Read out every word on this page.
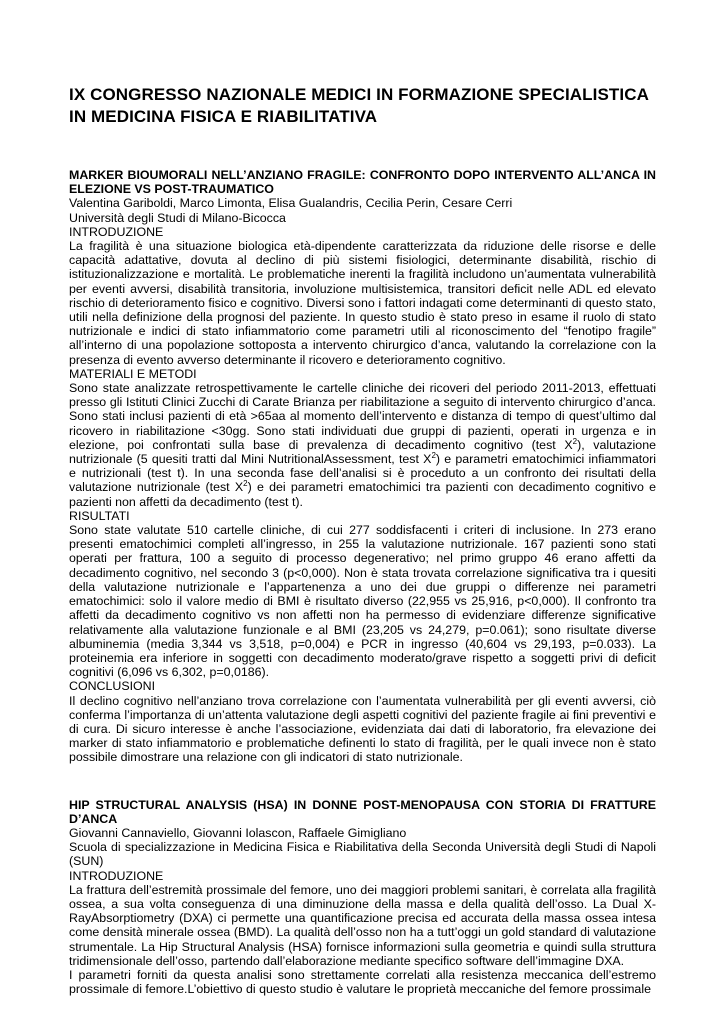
IX CONGRESSO NAZIONALE MEDICI IN FORMAZIONE SPECIALISTICA IN MEDICINA FISICA E RIABILITATIVA

MARKER BIOUMORALI NELL’ANZIANO FRAGILE: CONFRONTO DOPO INTERVENTO ALL’ANCA IN ELEZIONE VS POST-TRAUMATICO

Valentina Gariboldi, Marco Limonta, Elisa Gualandris, Cecilia Perin, Cesare Cerri

Università degli Studi di Milano-Bicocca

INTRODUZIONE

La fragilità è una situazione biologica età-dipendente caratterizzata da riduzione delle risorse e delle capacità adattative, dovuta al declino di più sistemi fisiologici, determinante disabilità, rischio di istituzionalizzazione e mortalità. Le problematiche inerenti la fragilità includono un’aumentata vulnerabilità per eventi avversi, disabilità transitoria, involuzione multisistemica, transitori deficit nelle ADL ed elevato rischio di deterioramento fisico e cognitivo. Diversi sono i fattori indagati come determinanti di questo stato, utili nella definizione della prognosi del paziente. In questo studio è stato preso in esame il ruolo di stato nutrizionale e indici di stato infiammatorio come parametri utili al riconoscimento del “fenotipo fragile” all’interno di una popolazione sottoposta a intervento chirurgico d’anca, valutando la correlazione con la presenza di evento avverso determinante il ricovero e deterioramento cognitivo.

MATERIALI E METODI

Sono state analizzate retrospettivamente le cartelle cliniche dei ricoveri del periodo 2011-2013, effettuati presso gli Istituti Clinici Zucchi di Carate Brianza per riabilitazione a seguito di intervento chirurgico d’anca. Sono stati inclusi pazienti di età >65aa al momento dell’intervento e distanza di tempo di quest’ultimo dal ricovero in riabilitazione <30gg. Sono stati individuati due gruppi di pazienti, operati in urgenza e in elezione, poi confrontati sulla base di prevalenza di decadimento cognitivo (test $X^2$), valutazione nutrizionale (5 quesiti tratti dal Mini NutritionalAssessment, test $X^2$) e parametri ematochimici infiammatori e nutrizionali (test t). In una seconda fase dell’analisi si è proceduto a un confronto dei risultati della valutazione nutrizionale (test $X^2$) e dei parametri ematochimici tra pazienti con decadimento cognitivo e pazienti non affetti da decadimento (test t).

RISULTATI

Sono state valutate 510 cartelle cliniche, di cui 277 soddisfacenti i criteri di inclusione. In 273 erano presenti ematochimici completi all’ingresso, in 255 la valutazione nutrizionale. 167 pazienti sono stati operati per frattura, 100 a seguito di processo degenerativo; nel primo gruppo 46 erano affetti da decadimento cognitivo, nel secondo 3 (p<0,000). Non è stata trovata correlazione significativa tra i quesiti della valutazione nutrizionale e l’appartenenza a uno dei due gruppi o differenze nei parametri ematochimici: solo il valore medio di BMI è risultato diverso (22,955 vs 25,916, p<0,000). Il confronto tra affetti da decadimento cognitivo vs non affetti non ha permesso di evidenziare differenze significative relativamente alla valutazione funzionale e al BMI (23,205 vs 24,279, p=0.061); sono risultate diverse albuminemia (media 3,344 vs 3,518, p=0,004) e PCR in ingresso (40,604 vs 29,193, p=0.033). La proteinemia era inferiore in soggetti con decadimento moderato/grave rispetto a soggetti privi di deficit cognitivi (6,096 vs 6,302, p=0,0186).

CONCLUSIONI

Il declino cognitivo nell’anziano trova correlazione con l’aumentata vulnerabilità per gli eventi avversi, ciò conferma l’importanza di un’attenta valutazione degli aspetti cognitivi del paziente fragile ai fini preventivi e di cura. Di sicuro interesse è anche l’associazione, evidenziata dai dati di laboratorio, fra elevazione dei marker di stato infiammatorio e problematiche definenti lo stato di fragilità, per le quali invece non è stato possibile dimostrare una relazione con gli indicatori di stato nutrizionale.

HIP STRUCTURAL ANALYSIS (HSA) IN DONNE POST-MENOPAUSA CON STORIA DI FRATTURE D’ANCA

Giovanni Cannaviello, Giovanni Iolascon, Raffaele Gimigliano

Scuola di specializzazione in Medicina Fisica e Riabilitativa della Seconda Università degli Studi di Napoli (SUN)

INTRODUZIONE

La frattura dell’estremità prossimale del femore, uno dei maggiori problemi sanitari, è correlata alla fragilità ossea, a sua volta conseguenza di una diminuzione della massa e della qualità dell’osso. La Dual X-RayAbsorptiometry (DXA) ci permette una quantificazione precisa ed accurata della massa ossea intesa come densità minerale ossea (BMD). La qualità dell’osso non ha a tutt’oggi un gold standard di valutazione strumentale. La Hip Structural Analysis (HSA) fornisce informazioni sulla geometria e quindi sulla struttura tridimensionale dell’osso, partendo dall’elaborazione mediante specifico software dell’immagine DXA.

I parametri forniti da questa analisi sono strettamente correlati alla resistenza meccanica dell’estremo prossimale di femore.L’obiettivo di questo studio è valutare le proprietà meccaniche del femore prossimale
